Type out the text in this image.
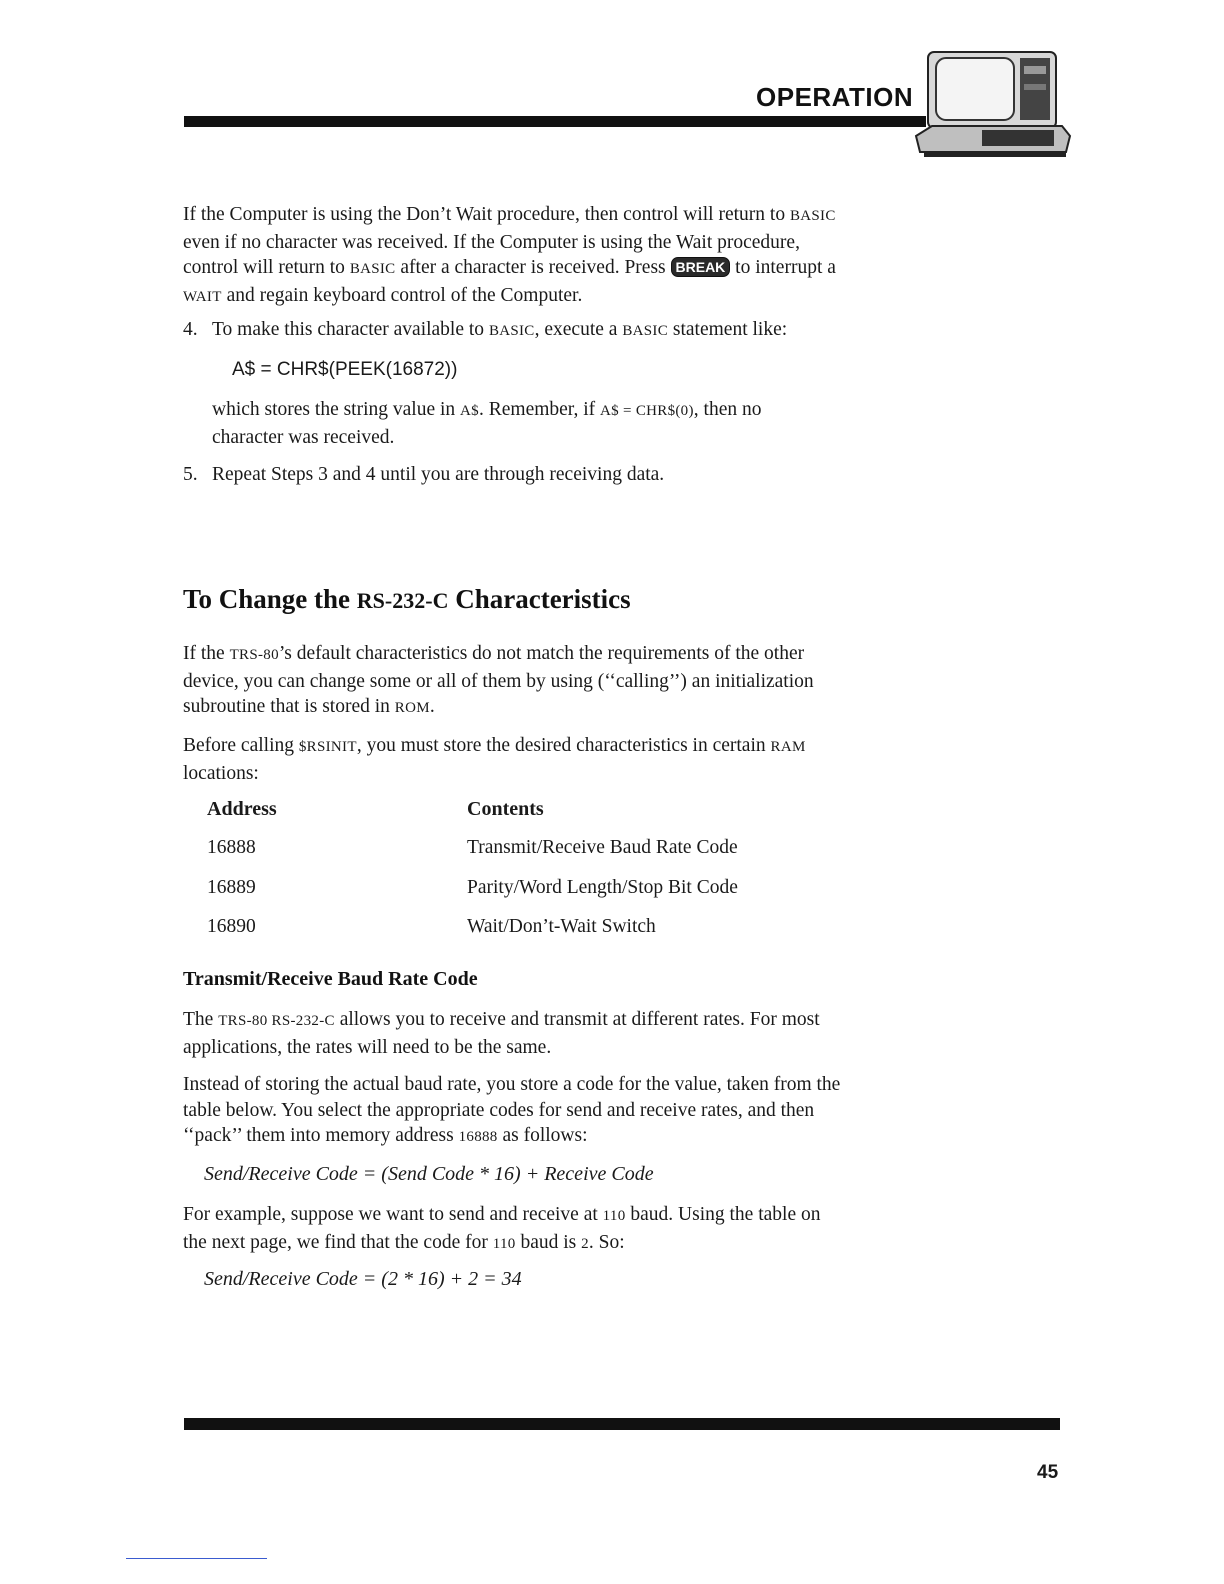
OPERATION

If the Computer is using the Don’t Wait procedure, then control will return to BASIC
even if no character was received. If the Computer is using the Wait procedure,
control will return to BASIC after a character is received. Press BREAK to interrupt a
WAIT and regain keyboard control of the Computer.

4. To make this character available to BASIC, execute a BASIC statement like:
A$ = CHR$(PEEK(16872))

which stores the string value in A$. Remember, if A$ = CHR$(0), then no
character was received.

5. Repeat Steps 3 and 4 until you are through receiving data.
To Change the RS-232-C Characteristics

If the TRS-80’s default characteristics do not match the requirements of the other
device, you can change some or all of them by using (‘‘calling’’) an initialization
subroutine that is stored in ROM.

Before calling $RSINIT, you must store the desired characteristics in certain RAM
locations:

Address	Contents
16888	Transmit/Receive Baud Rate Code
16889	Parity/Word Length/Stop Bit Code
16890	Wait/Don’t-Wait Switch
Transmit/Receive Baud Rate Code

The TRS-80 RS-232-C allows you to receive and transmit at different rates. For most
applications, the rates will need to be the same.

Instead of storing the actual baud rate, you store a code for the value, taken from the
table below. You select the appropriate codes for send and receive rates, and then
‘‘pack’’ them into memory address 16888 as follows:

Send/Receive Code = (Send Code * 16) + Receive Code

For example, suppose we want to send and receive at 110 baud. Using the table on
the next page, we find that the code for 110 baud is 2. So:

Send/Receive Code = (2 * 16) + 2 = 34
45
